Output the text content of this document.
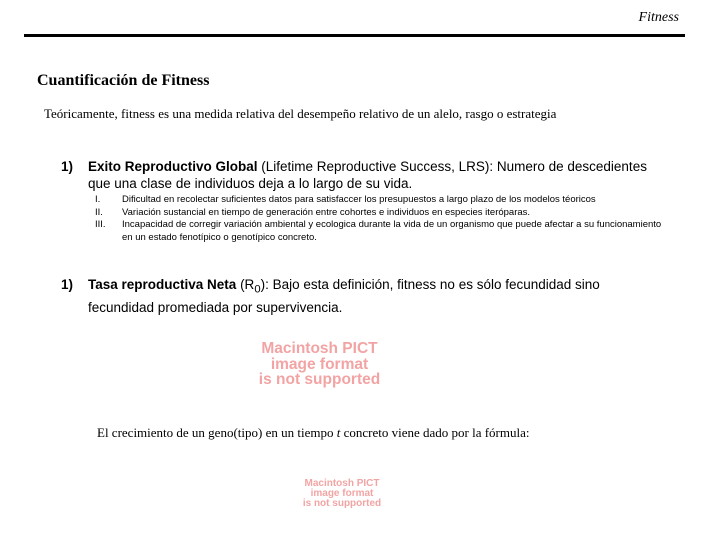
Fitness
Cuantificación de Fitness
Teóricamente, fitness es una medida relativa del desempeño relativo de un alelo, rasgo o estrategia
1) Exito Reproductivo Global (Lifetime Reproductive Success, LRS): Numero de descedientes que una clase de individuos deja a lo largo de su vida.
I. Dificultad en recolectar suficientes datos para satisfaccer los presupuestos a largo plazo de los modelos téoricos
II. Variación sustancial en tiempo de generación entre cohortes e individuos en especies iteróparas.
III. Incapacidad de corregir variación ambiental y ecologica durante la vida de un organismo que puede afectar a su funcionamiento en un estado fenotípico o genotípico concreto.
1) Tasa reproductiva Neta $(R_0)$: Bajo esta definición, fitness no es sólo fecundidad sino fecundidad promediada por supervivencia.
Macintosh PICT
image format
is not supported
El crecimiento de un geno(tipo) en un tiempo t concreto viene dado por la fórmula:
Macintosh PICT
image format
is not supported
